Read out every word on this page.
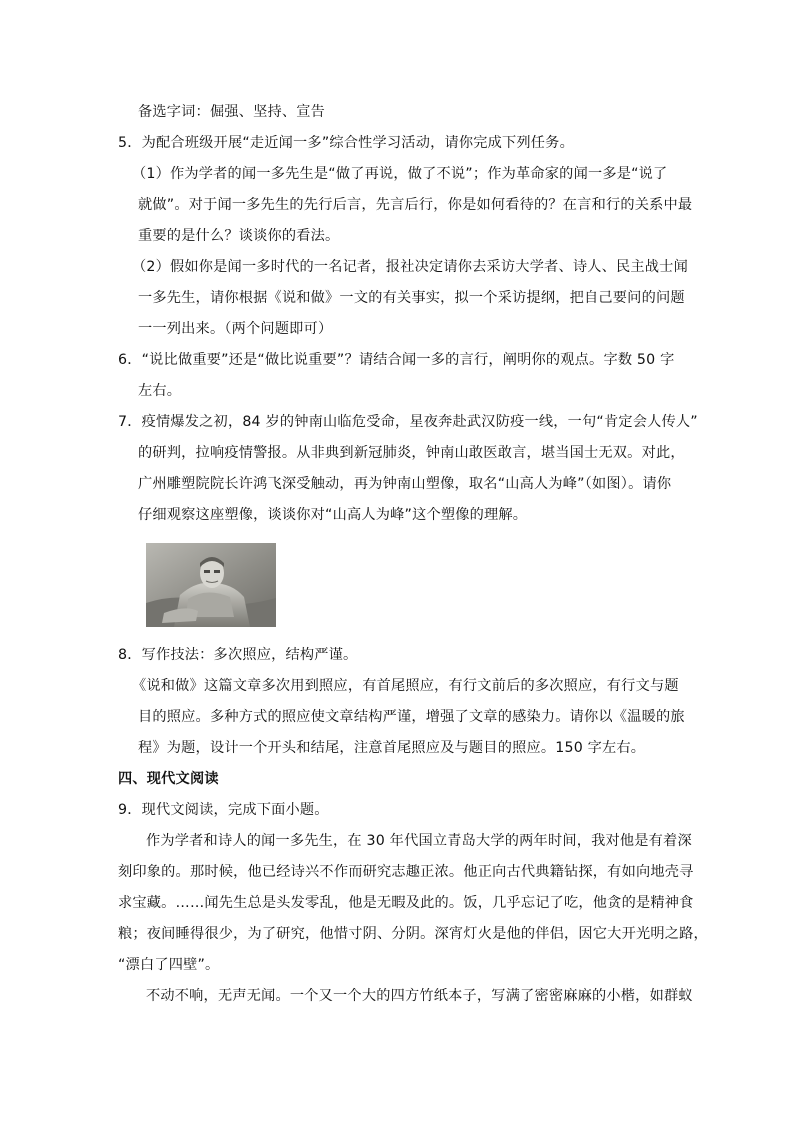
备选字词：倔强、坚持、宣告
5．为配合班级开展“走近闻一多”综合性学习活动，请你完成下列任务。
（1）作为学者的闻一多先生是“做了再说，做了不说”；作为革命家的闻一多是“说了
就做”。对于闻一多先生的先行后言，先言后行，你是如何看待的？在言和行的关系中最
重要的是什么？谈谈你的看法。
（2）假如你是闻一多时代的一名记者，报社决定请你去采访大学者、诗人、民主战士闻
一多先生，请你根据《说和做》一文的有关事实，拟一个采访提纲，把自己要问的问题
一一列出来。（两个问题即可）
6．“说比做重要”还是“做比说重要”？请结合闻一多的言行，阐明你的观点。字数 50 字
左右。
7．疫情爆发之初，84 岁的钟南山临危受命，星夜奔赴武汉防疫一线，一句“肯定会人传人”
的研判，拉响疫情警报。从非典到新冠肺炎，钟南山敢医敢言，堪当国士无双。对此，
广州雕塑院院长许鸿飞深受触动，再为钟南山塑像，取名“山高人为峰”（如图）。请你
仔细观察这座塑像，谈谈你对“山高人为峰”这个塑像的理解。
8．写作技法：多次照应，结构严谨。
《说和做》这篇文章多次用到照应，有首尾照应，有行文前后的多次照应，有行文与题
目的照应。多种方式的照应使文章结构严谨，增强了文章的感染力。请你以《温暖的旅
程》为题，设计一个开头和结尾，注意首尾照应及与题目的照应。150 字左右。
四、现代文阅读
9．现代文阅读，完成下面小题。
作为学者和诗人的闻一多先生，在 30 年代国立青岛大学的两年时间，我对他是有着深
刻印象的。那时候，他已经诗兴不作而研究志趣正浓。他正向古代典籍钻探，有如向地壳寻
求宝藏。……闻先生总是头发零乱，他是无暇及此的。饭，几乎忘记了吃，他贪的是精神食
粮；夜间睡得很少，为了研究，他惜寸阴、分阴。深宵灯火是他的伴侣，因它大开光明之路，
“漂白了四壁”。
不动不响，无声无闻。一个又一个大的四方竹纸本子，写满了密密麻麻的小楷，如群蚁
